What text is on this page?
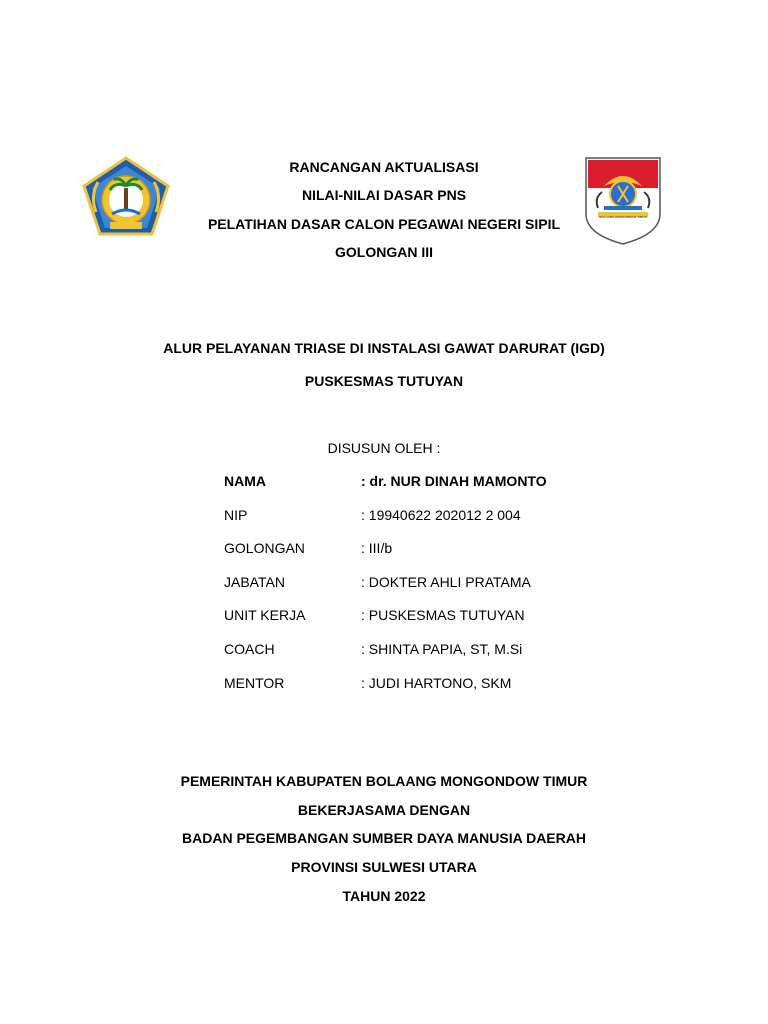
BOLAANG MONGONDOW TIMUR
RANCANGAN AKTUALISASI
NILAI-NILAI DASAR PNS
PELATIHAN DASAR CALON PEGAWAI NEGERI SIPIL
GOLONGAN III
ALUR PELAYANAN TRIASE DI INSTALASI GAWAT DARURAT (IGD)
PUSKESMAS TUTUYAN
DISUSUN OLEH :
NAMA	: dr. NUR DINAH MAMONTO
NIP	: 19940622 202012 2 004
GOLONGAN	: III/b
JABATAN	: DOKTER AHLI PRATAMA
UNIT KERJA	: PUSKESMAS TUTUYAN
COACH	: SHINTA PAPIA, ST, M.Si
MENTOR	: JUDI HARTONO, SKM
PEMERINTAH KABUPATEN BOLAANG MONGONDOW TIMUR
BEKERJASAMA DENGAN
BADAN PEGEMBANGAN SUMBER DAYA MANUSIA DAERAH
PROVINSI SULWESI UTARA
TAHUN 2022
